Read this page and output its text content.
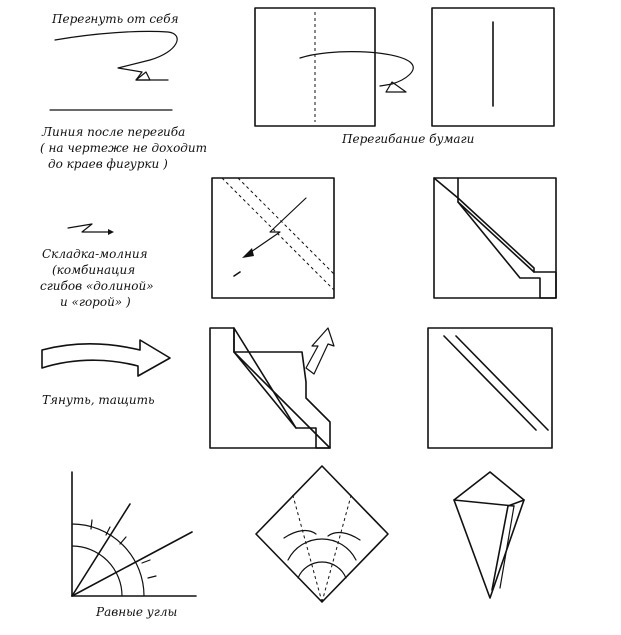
Перегнуть от себя
Линия после перегиба
( на чертеже не доходит
до краев фигурки )
Перегибание бумаги
Складка-молния
(комбинация
сгибов «долиной»
и «горой» )
Тянуть, тащить
Равные углы
